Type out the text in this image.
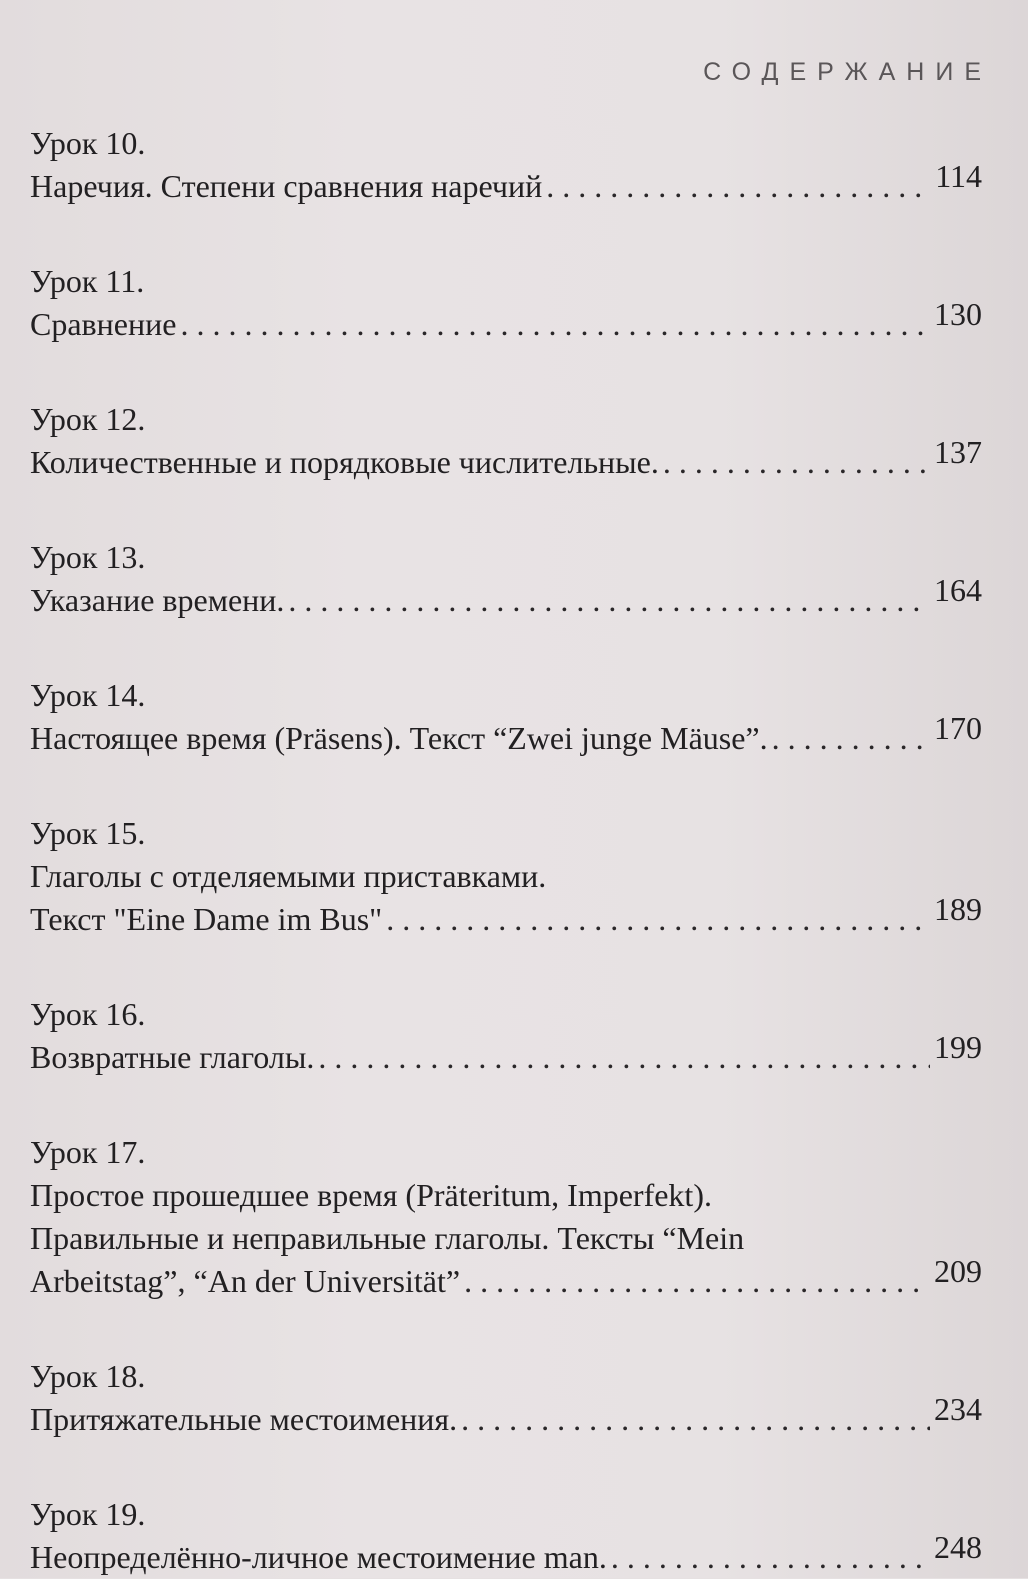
СОДЕРЖАНИЕ
Урок 10.
Наречия. Степени сравнения наречий . . .	114
Урок 11.
Сравнение . . .	130
Урок 12.
Количественные и порядковые числительные. . . .	137
Урок 13.
Указание времени. . . .	164
Урок 14.
Настоящее время (Präsens). Текст “Zwei junge Mäuse”. . . .	170
Урок 15.
Глаголы с отделяемыми приставками.
Текст "Eine Dame im Bus" . . .	189
Урок 16.
Возвратные глаголы. . . .	199
Урок 17.
Простое прошедшее время (Präteritum, Imperfekt).
Правильные и неправильные глаголы. Тексты “Mein
Arbeitstag”, “An der Universität” . . .	209
Урок 18.
Притяжательные местоимения. . . .	234
Урок 19.
Неопределённо-личное местоимение man. . . .	248
